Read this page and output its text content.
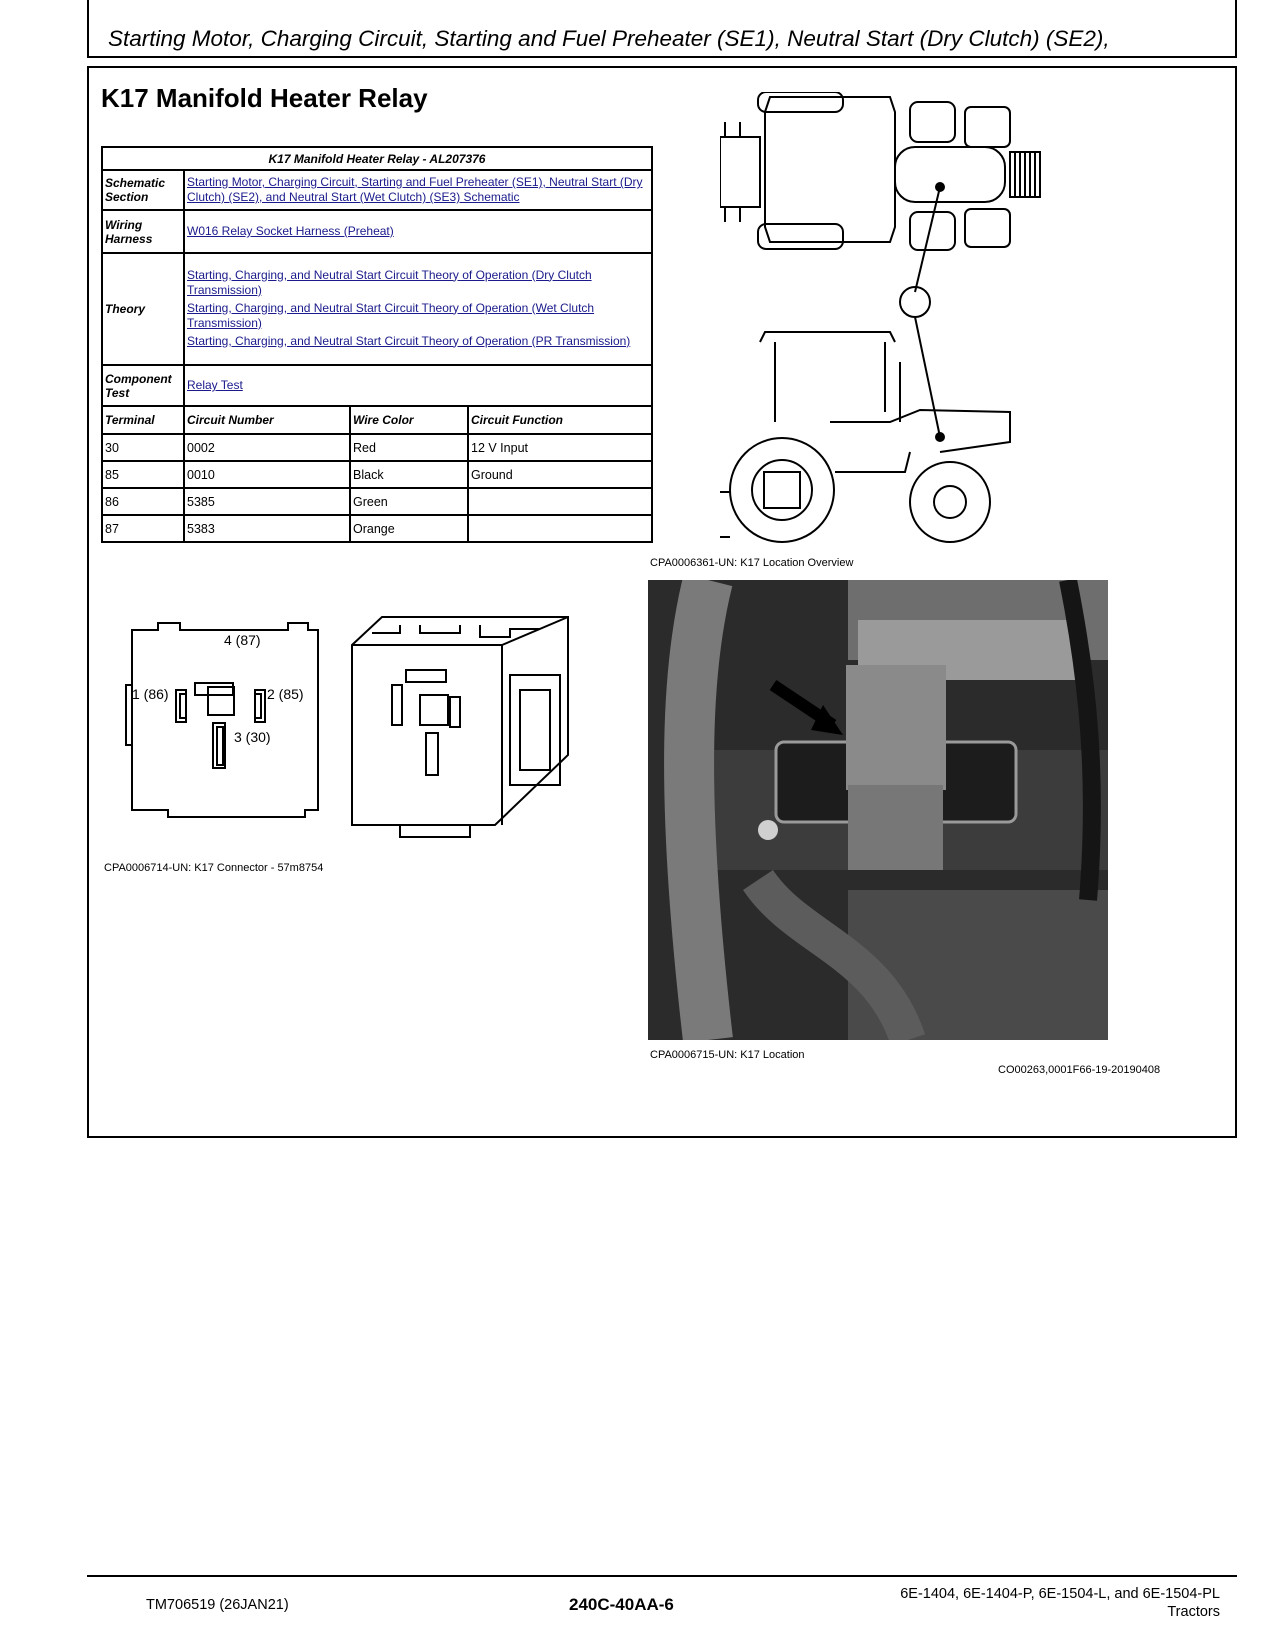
Starting Motor, Charging Circuit, Starting and Fuel Preheater (SE1), Neutral Start (Dry Clutch) (SE2),
K17 Manifold Heater Relay
K17 Manifold Heater Relay - AL207376			
Schematic Section	Starting Motor, Charging Circuit, Starting and Fuel Preheater (SE1), Neutral Start (Dry Clutch) (SE2), and Neutral Start (Wet Clutch) (SE3) Schematic		
Wiring Harness	W016 Relay Socket Harness (Preheat)		
Theory	Starting, Charging, and Neutral Start Circuit Theory of Operation (Dry Clutch Transmission)
Starting, Charging, and Neutral Start Circuit Theory of Operation (Wet Clutch Transmission)
Starting, Charging, and Neutral Start Circuit Theory of Operation (PR Transmission)		

Component Test	Relay Test		
Terminal	Circuit Number	Wire Color	Circuit Function
30	0002	Red	12 V Input
85	0010	Black	Ground
86	5385	Green	
87	5383	Orange	
4 (87)
1 (86)	2 (85)
3 (30)
CPA0006714-UN: K17 Connector - 57m8754
CPA0006361-UN: K17 Location Overview
CPA0006715-UN: K17 Location
CO00263,0001F66-19-20190408
TM706519 (26JAN21)	240C-40AA-6
6E-1404, 6E-1404-P, 6E-1504-L, and 6E-1504-PL
Tractors
